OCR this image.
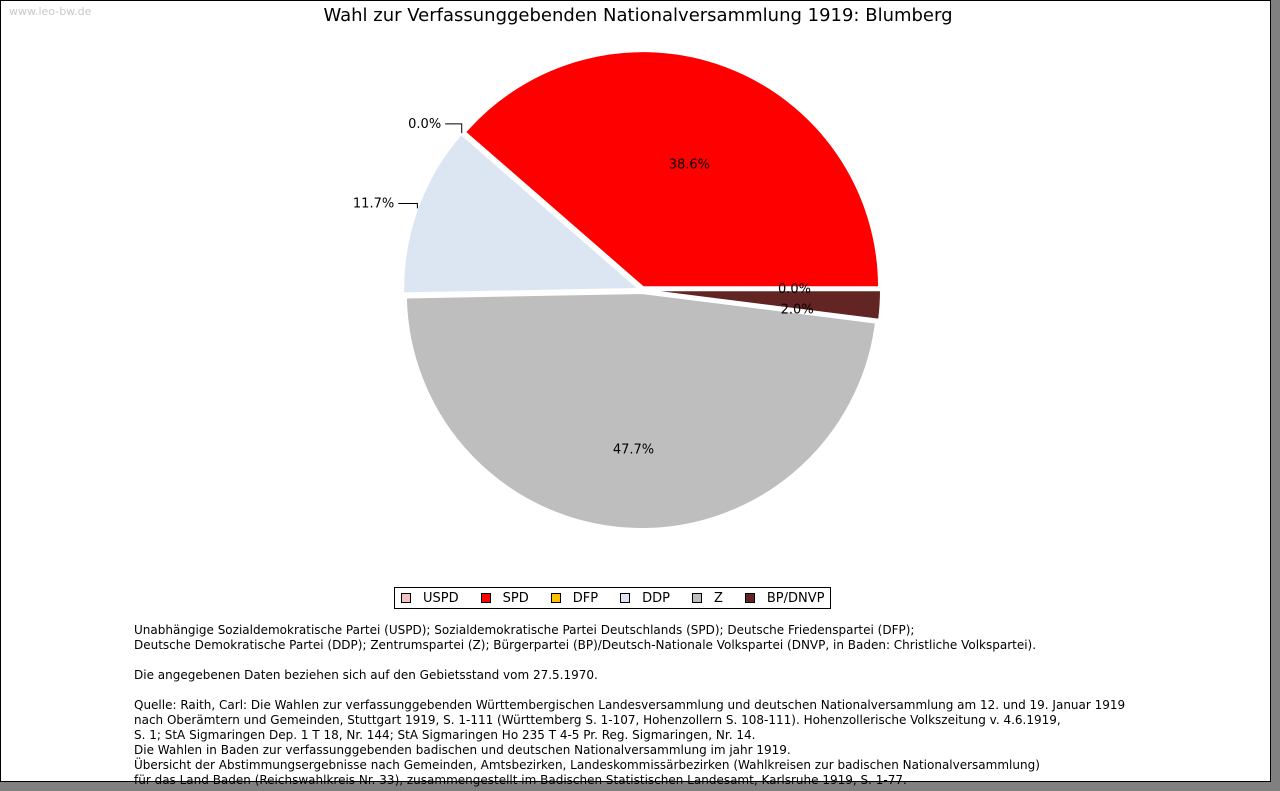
www.leo-bw.de	Wahl zur Verfassunggebenden Nationalversammlung 1919: Blumberg
38.6%
0.0%
2.0%
47.7%
11.7%
0.0%
USPD	SPD	DFP	DDP	Z	BP/DNVP

Unabhängige Sozialdemokratische Partei (USPD); Sozialdemokratische Partei Deutschlands (SPD); Deutsche Friedenspartei (DFP);

Deutsche Demokratische Partei (DDP); Zentrumspartei (Z); Bürgerpartei (BP)/Deutsch-Nationale Volkspartei (DNVP, in Baden: Christliche Volkspartei).

Die angegebenen Daten beziehen sich auf den Gebietsstand vom 27.5.1970.

Quelle: Raith, Carl: Die Wahlen zur verfassunggebenden Württembergischen Landesversammlung und deutschen Nationalversammlung am 12. und 19. Januar 1919

nach Oberämtern und Gemeinden, Stuttgart 1919, S. 1-111 (Württemberg S. 1-107, Hohenzollern S. 108-111). Hohenzollerische Volkszeitung v. 4.6.1919,

S. 1; StA Sigmaringen Dep. 1 T 18, Nr. 144; StA Sigmaringen Ho 235 T 4-5 Pr. Reg. Sigmaringen, Nr. 14.

Die Wahlen in Baden zur verfassunggebenden badischen und deutschen Nationalversammlung im jahr 1919.

Übersicht der Abstimmungsergebnisse nach Gemeinden, Amtsbezirken, Landeskommissärbezirken (Wahlkreisen zur badischen Nationalversammlung)

für das Land Baden (Reichswahlkreis Nr. 33), zusammengestellt im Badischen Statistischen Landesamt, Karlsruhe 1919, S. 1-77.
